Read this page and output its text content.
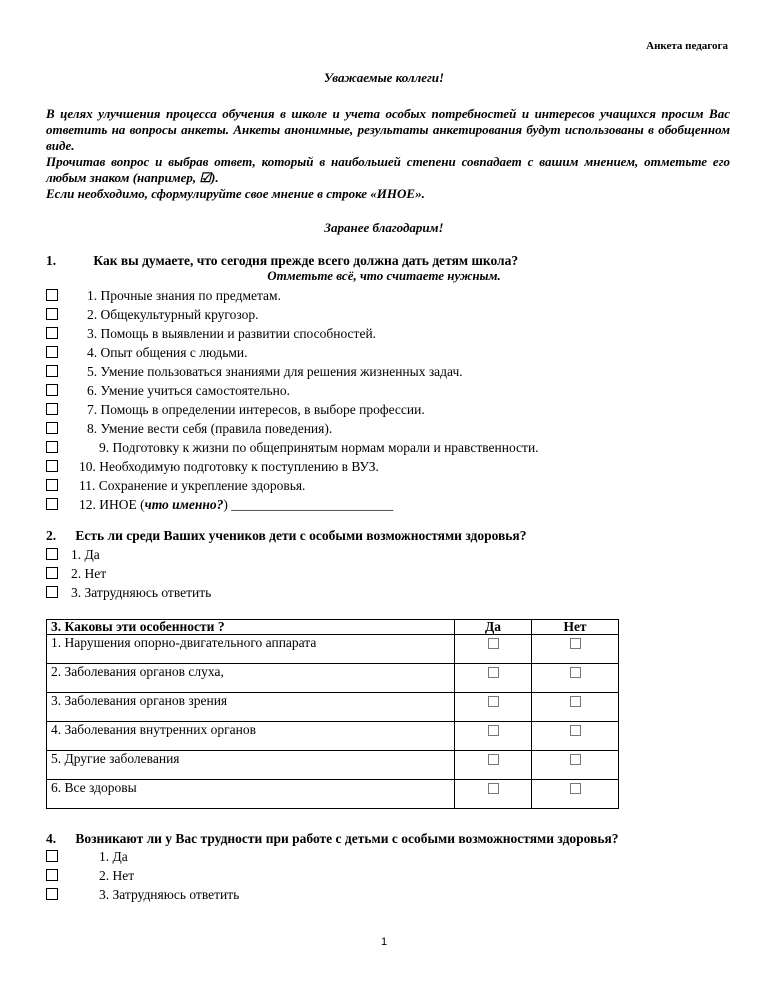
Анкета педагога
Уважаемые коллеги!

В целях улучшения процесса обучения в школе и учета особых потребностей и интересов учащихся просим Вас ответить на вопросы анкеты. Анкеты анонимные, результаты анкетирования будут использованы в обобщенном виде.

Прочитав вопрос и выбрав ответ, который в наибольшей степени совпадает с вашим мнением, отметьте его любым знаком (например, ☑).

Если необходимо, сформулируйте свое мнение в строке «ИНОЕ».

Заранее благодарим!
1.	Как вы думаете, что сегодня прежде всего должна дать детям школа?
Отметьте всё, что считаете нужным.
1. Прочные знания по предметам.
2. Общекультурный кругозор.
3. Помощь в выявлении и развитии способностей.
4. Опыт общения с людьми.
5. Умение пользоваться знаниями для решения жизненных задач.
6. Умение учиться самостоятельно.
7. Помощь в определении интересов, в выборе профессии.
8. Умение вести себя (правила поведения).
9. Подготовку к жизни по общепринятым нормам морали и нравственности.
10. Необходимую подготовку к поступлению в ВУЗ.
11. Сохранение и укрепление здоровья.
12. ИНОЕ (что именно?) ________________________
2. Есть ли среди Ваших учеников дети с особыми возможностями здоровья?
1. Да
2. Нет
3. Затрудняюсь ответить
3. Каковы эти особенности ?	Да	Нет
1. Нарушения опорно-двигательного аппарата		
2. Заболевания органов слуха,		
3. Заболевания органов зрения		
4. Заболевания внутренних органов		
5. Другие заболевания		
6. Все здоровы		
4. Возникают ли у Вас трудности при работе с детьми с особыми возможностями здоровья?
1. Да
2. Нет
3. Затрудняюсь ответить
1
